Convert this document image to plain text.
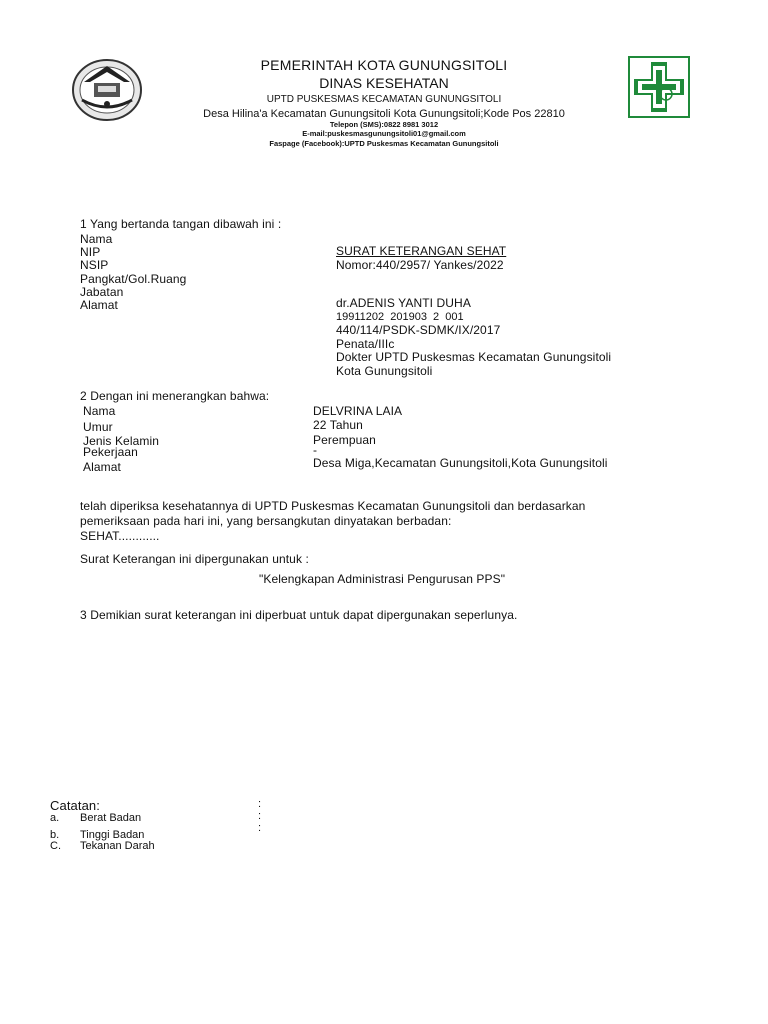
PEMERINTAH KOTA GUNUNGSITOLI
DINAS KESEHATAN
UPTD PUSKESMAS KECAMATAN GUNUNGSITOLI
Desa Hilina'a Kecamatan Gunungsitoli Kota Gunungsitoli;Kode Pos 22810
Telepon (SMS):0822 8981 3012
E-mail:puskesmasgunungsitoli01@gmail.com
Faspage (Facebook):UPTD Puskesmas Kecamatan Gunungsitoli
1 Yang bertanda tangan dibawah ini :
Nama
NIP
NSIP
Pangkat/Gol.Ruang
Jabatan
Alamat
SURAT KETERANGAN SEHAT
Nomor:440/2957/ Yankes/2022
dr.ADENIS YANTI DUHA
19911202  201903  2  001
440/114/PSDK-SDMK/IX/2017
Penata/IIIc
Dokter UPTD Puskesmas Kecamatan Gunungsitoli
Kota Gunungsitoli
2 Dengan ini menerangkan bahwa:
Nama
Umur
Jenis Kelamin
Pekerjaan
Alamat
DELVRINA LAIA
22 Tahun
Perempuan
-
Desa Miga,Kecamatan Gunungsitoli,Kota Gunungsitoli
telah diperiksa kesehatannya di UPTD Puskesmas Kecamatan Gunungsitoli dan berdasarkan
pemeriksaan pada hari ini, yang bersangkutan dinyatakan berbadan:
SEHAT............
Surat Keterangan ini dipergunakan untuk :
"Kelengkapan Administrasi Pengurusan PPS"
3 Demikian surat keterangan ini diperbuat untuk dapat dipergunakan seperlunya.
Catatan:
a. Berat Badan
:
b. Tinggi Badan
:
C. Tekanan Darah
:
